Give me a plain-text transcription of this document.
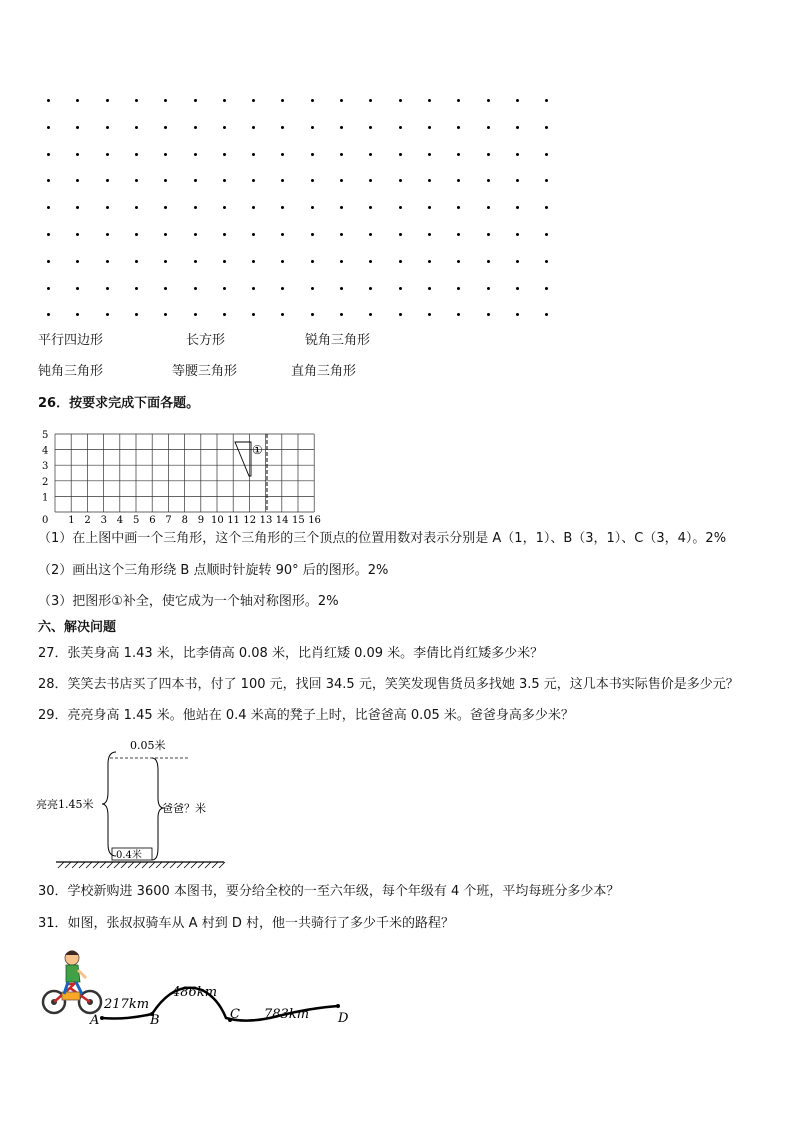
平行四边形	长方形	锐角三角形
钝角三角形	等腰三角形	直角三角形
26．按要求完成下面各题。
1
2
3
4
5
0 1 2 3 4 5 6 7 8 9 10 11 12 13 14 15 16
①
（1）在上图中画一个三角形，这个三角形的三个顶点的位置用数对表示分别是 A（1，1）、B（3，1）、C（3，4）。2%
（2）画出这个三角形绕 B 点顺时针旋转 90° 后的图形。2%
（3）把图形①补全，使它成为一个轴对称图形。2%
六、解决问题
27．张芙身高 1.43 米，比李倩高 0.08 米，比肖红矮 0.09 米。李倩比肖红矮多少米？
28．笑笑去书店买了四本书，付了 100 元，找回 34.5 元，笑笑发现售货员多找她 3.5 元，这几本书实际售价是多少元？
29．亮亮身高 1.45 米。他站在 0.4 米高的凳子上时，比爸爸高 0.05 米。爸爸身高多少米？
0.05米
亮亮1.45米
0.4米
爸爸？米
30．学校新购进 3600 本图书，要分给全校的一至六年级，每个年级有 4 个班，平均每班分多少本？
31．如图，张叔叔骑车从 A 村到 D 村，他一共骑行了多少千米的路程？
217km
486km
783km
A	B	C	D
